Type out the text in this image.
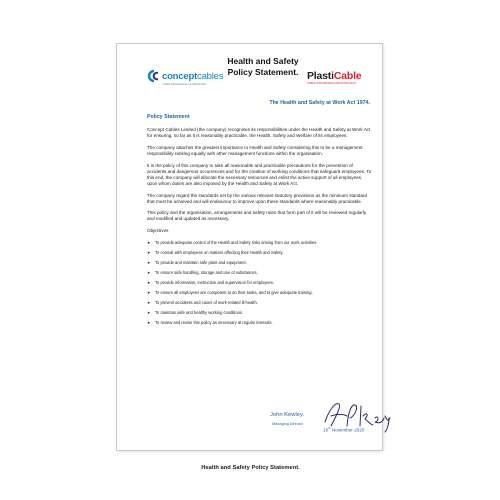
conceptcables
Cable Manufacturers & Distributors
Health and Safety
Policy Statement. PlastiCable
CABLE CONVERSION AND EXTRUSION
The Health and Safety at Work Act 1974.
Policy Statement

Concept Cables Limited (the company) recognises its responsibilities under the Health and Safety at Work Act for ensuring, so far as it is reasonably practicable, the Health, Safety and Welfare of its employees.

The company attaches the greatest importance to Health and Safety considering this to be a management responsibility ranking equally with other management functions within the organisation.

It is the policy of this company to take all reasonable and practicable precautions for the prevention of accidents and dangerous occurrences and for the creation of working conditions that safeguard employees. To this end, the company will allocate the necessary resources and enlist the active support of all employees, upon whom duties are also imposed by the Health and Safety at Work Act.

The company regard the standards set by the various relevant statutory provisions as the minimum standard that must be achieved and will endeavour to improve upon these standards where reasonably practicable.

This policy and the organisation, arrangements and safety rules that form part of it will be reviewed regularly and modified and updated as necessary.

Objectives

➤	To provide adequate control of the Health and Safety risks arising from our work activities.
➤	To consult with employees on matters affecting their Health and Safety.
➤	To provide and maintain safe plant and equipment.
➤	To ensure safe handling, storage and use of substances.
➤	To provide information, instruction and supervision for employees.
➤	To ensure all employees are competent to do their tasks, and to give adequate training.
➤	To prevent accidents and cases of work-related ill health.
➤	To maintain safe and healthy working conditions.
➤	To review and revise this policy as necessary at regular intervals.
John Kewley.
Managing Director
19th November 2020
Health and Safety Policy Statement.
